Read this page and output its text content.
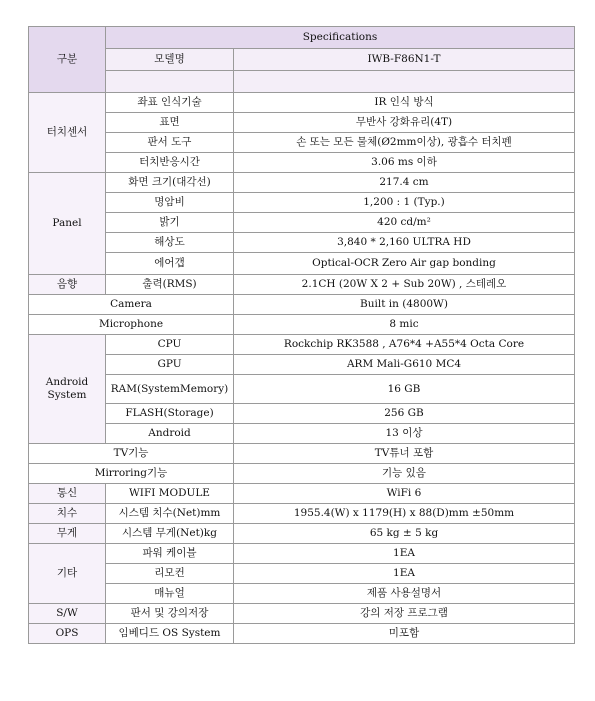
구분	Specifications	
	모델명	IWB-F86N1-T

터치센서	좌표 인식기술	IR 인식 방식
	표면	무반사 강화유리(4T)
	판서 도구	손 또는 모든 물체(Ø2mm이상), 광흡수 터치펜
	터치반응시간	3.06 ms 이하
Panel	화면 크기(대각선)	217.4 cm
	명암비	1,200 : 1 (Typ.)
	밝기	420 cd/m²
	해상도	3,840 * 2,160 ULTRA HD
	에어갭	Optical-OCR Zero Air gap bonding
음향	출력(RMS)	2.1CH (20W X 2 + Sub 20W) , 스테레오
Camera		Built in (4800W)
Microphone		8 mic
Android System	CPU	Rockchip RK3588 , A76*4 +A55*4 Octa Core
	GPU	ARM Mali-G610 MC4
	RAM(SystemMemory)	16 GB
	FLASH(Storage)	256 GB
	Android	13 이상
TV기능		TV튜너 포함
Mirroring기능		기능 있음
통신	WIFI MODULE	WiFi 6
치수	시스템 치수(Net)mm	1955.4(W) x 1179(H) x 88(D)mm ±50mm
무게	시스템 무게(Net)kg	65 kg ± 5 kg
기타	파워 케이블	1EA
	리모컨	1EA
	매뉴얼	제품 사용설명서
S/W	판서 및 강의저장	강의 저장 프로그램
OPS	임베디드 OS System	미포함
